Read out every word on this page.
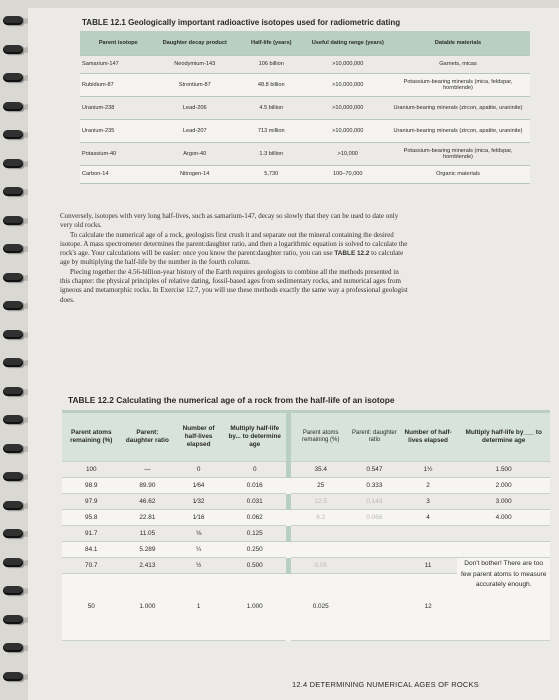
TABLE 12.1 Geologically important radioactive isotopes used for radiometric dating
Parent isotope	Daughter decay product	Half-life (years)	Useful dating range (years)	Datable materials
Samarium-147	Neodymium-143	106 billion	>10,000,000	Garnets, micas
Rubidium-87	Strontium-87	48.8 billion	>10,000,000	Potassium-bearing minerals (mica, feldspar, hornblende)
Uranium-238	Lead-206	4.5 billion	>10,000,000	Uranium-bearing minerals (zircon, apatite, uraninite)
Uranium-235	Lead-207	713 million	>10,000,000	Uranium-bearing minerals (zircon, apatite, uraninite)
Potassium-40	Argon-40	1.3 billion	>10,000	Potassium-bearing minerals (mica, feldspar, hornblende)
Carbon-14	Nitrogen-14	5,730	100–70,000	Organic materials

Conversely, isotopes with very long half-lives, such as samarium-147, decay so slowly that they can be used to date only very old rocks.

To calculate the numerical age of a rock, geologists first crush it and separate out the mineral containing the desired isotope. A mass spectrometer determines the parent:daughter ratio, and then a logarithmic equation is solved to calculate the rock's age. Your calculations will be easier: once you know the parent:daughter ratio, you can use TABLE 12.2 to calculate age by multiplying the half-life by the number in the fourth column.

Piecing together the 4.56-billion-year history of the Earth requires geologists to combine all the methods presented in this chapter: the physical principles of relative dating, fossil-based ages from sedimentary rocks, and numerical ages from igneous and metamorphic rocks. In Exercise 12.7, you will use these methods exactly the same way a professional geologist does.

TABLE 12.2 Calculating the numerical age of a rock from the half-life of an isotope
Parent atoms remaining (%)	Parent: daughter ratio	Number of half-lives elapsed	Multiply half-life by... to determine age		Parent atoms remaining (%)	Parent: daughter ratio	Number of half-lives elapsed	Multiply half-life by___ to determine age
100	—	0	0		35.4	0.547	1½	1.500
98.9	89.90	1⁄64	0.016		25	0.333	2	2.000
97.9	46.62	1⁄32	0.031		12.5	0.143	3	3.000
95.8	22.81	1⁄16	0.062		6.2	0.066	4	4.000
91.7	11.05	⅛	0.125					
84.1	5.289	¼	0.250					
70.7	2.413	½	0.500		0.05		11	Don't bother! There are too few parent atoms to measure accurately enough.
50	1.000	1	1.000		0.025		12	
12.4 DETERMINING NUMERICAL AGES OF ROCKS
